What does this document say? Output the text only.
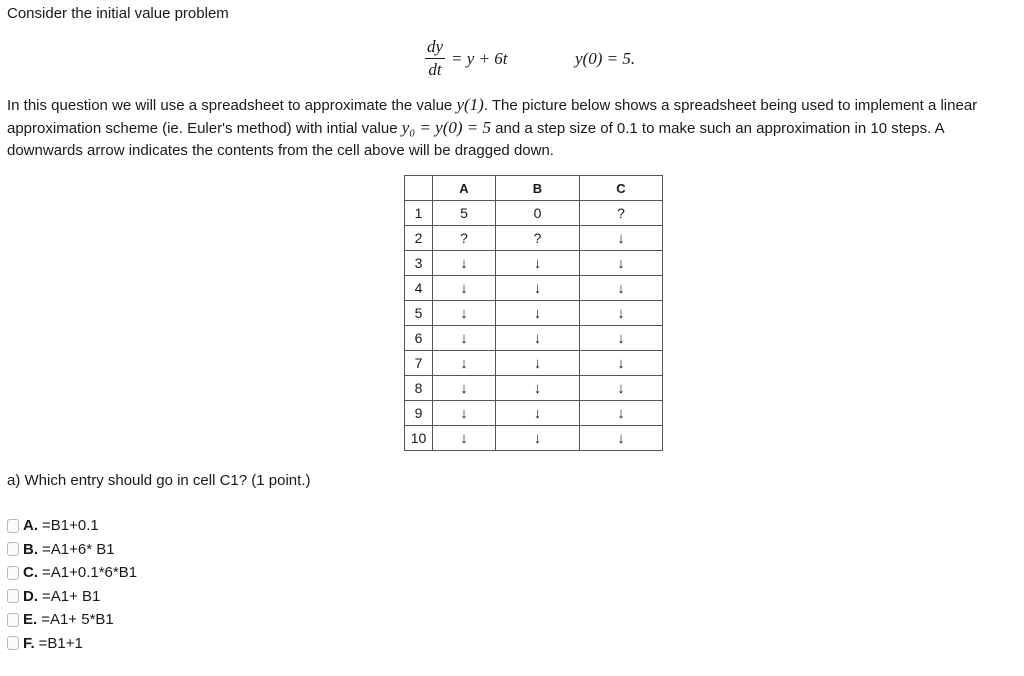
Consider the initial value problem
$\frac{dy}{dt} = y + 6t$	y(0) = 5.
In this question we will use a spreadsheet to approximate the value y(1). The picture below shows a spreadsheet being used to implement a linear approximation scheme (ie. Euler's method) with intial value y₀ = y(0) = 5 and a step size of 0.1 to make such an approximation in 10 steps. A downwards arrow indicates the contents from the cell above will be dragged down.
	A	B	C
1	5	0	?
2	?	?	↓
3	↓	↓	↓
4	↓	↓	↓
5	↓	↓	↓
6	↓	↓	↓
7	↓	↓	↓
8	↓	↓	↓
9	↓	↓	↓
10	↓	↓	↓
a) Which entry should go in cell C1? (1 point.)
A. =B1+0.1
B. =A1+6* B1
C. =A1+0.1*6*B1
D. =A1+ B1
E. =A1+ 5*B1
F. =B1+1
